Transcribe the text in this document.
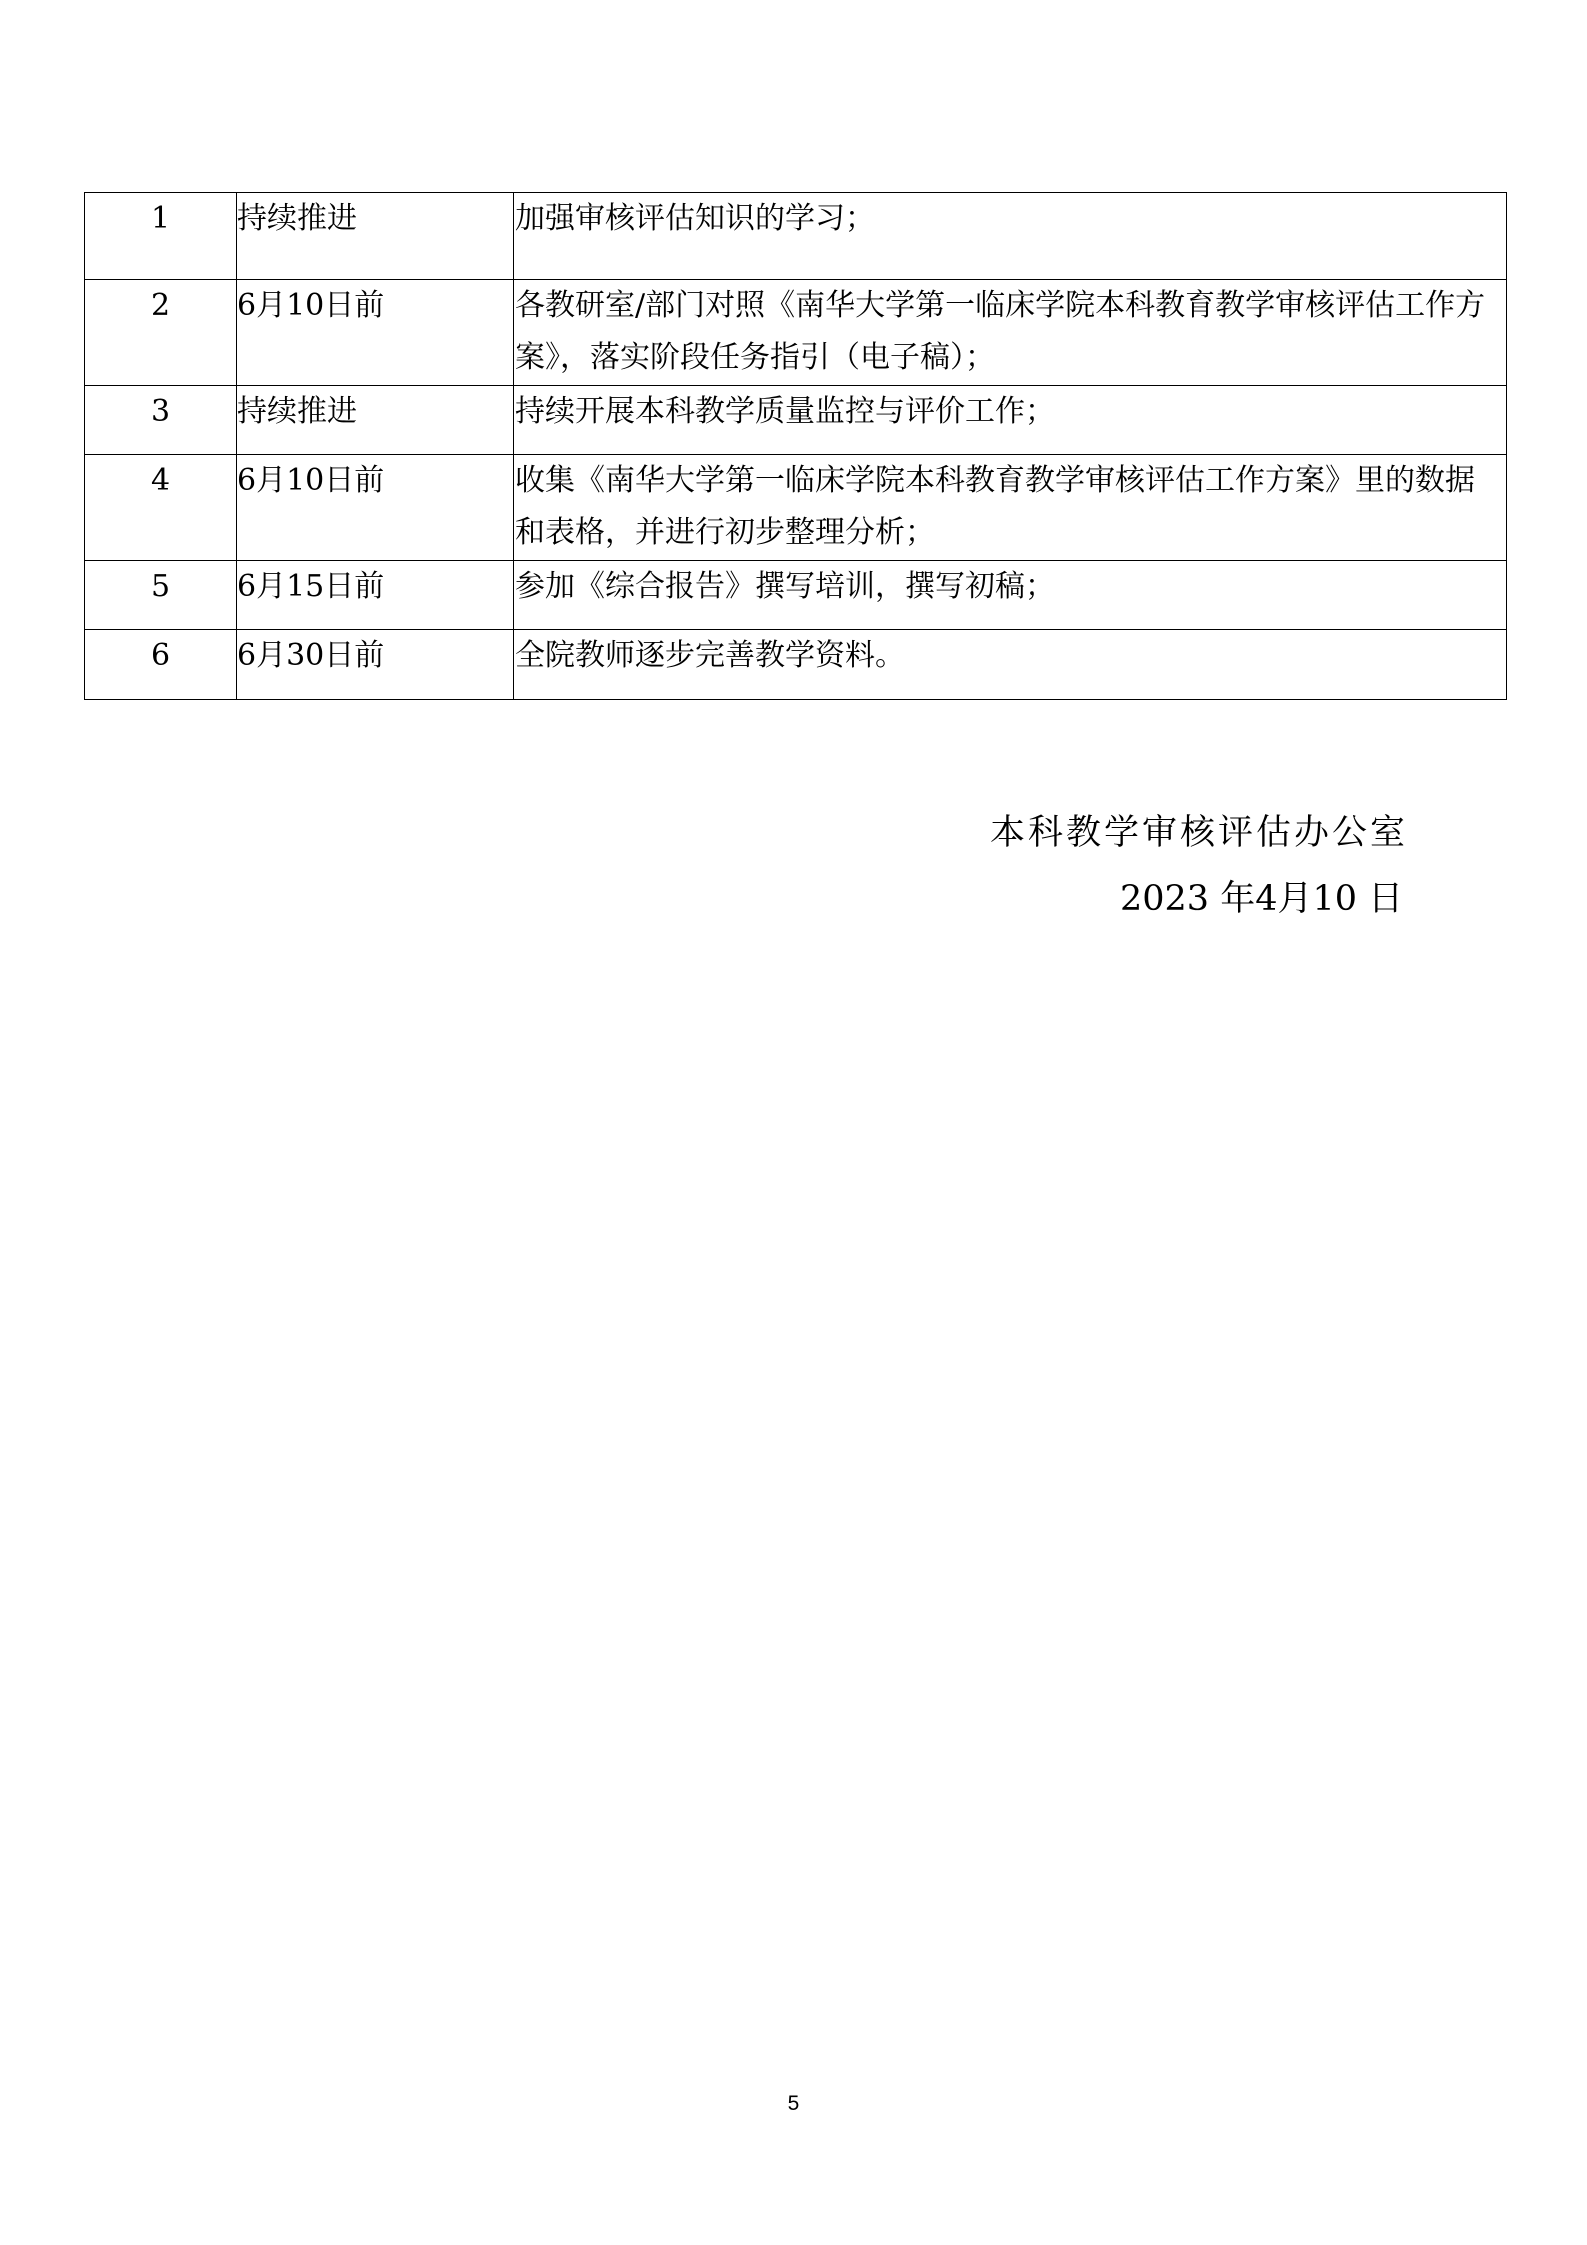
1	持续推进	加强审核评估知识的学习；
2	6月10日前	各教研室/部门对照《南华大学第一临床学院本科教育教学审核评估工作方案》，落实阶段任务指引（电子稿）；
3	持续推进	持续开展本科教学质量监控与评价工作；
4	6月10日前	收集《南华大学第一临床学院本科教育教学审核评估工作方案》里的数据和表格，并进行初步整理分析；
5	6月15日前	参加《综合报告》撰写培训，撰写初稿；
6	6月30日前	全院教师逐步完善教学资料。
本科教学审核评估办公室
2023 年4月10 日
5
